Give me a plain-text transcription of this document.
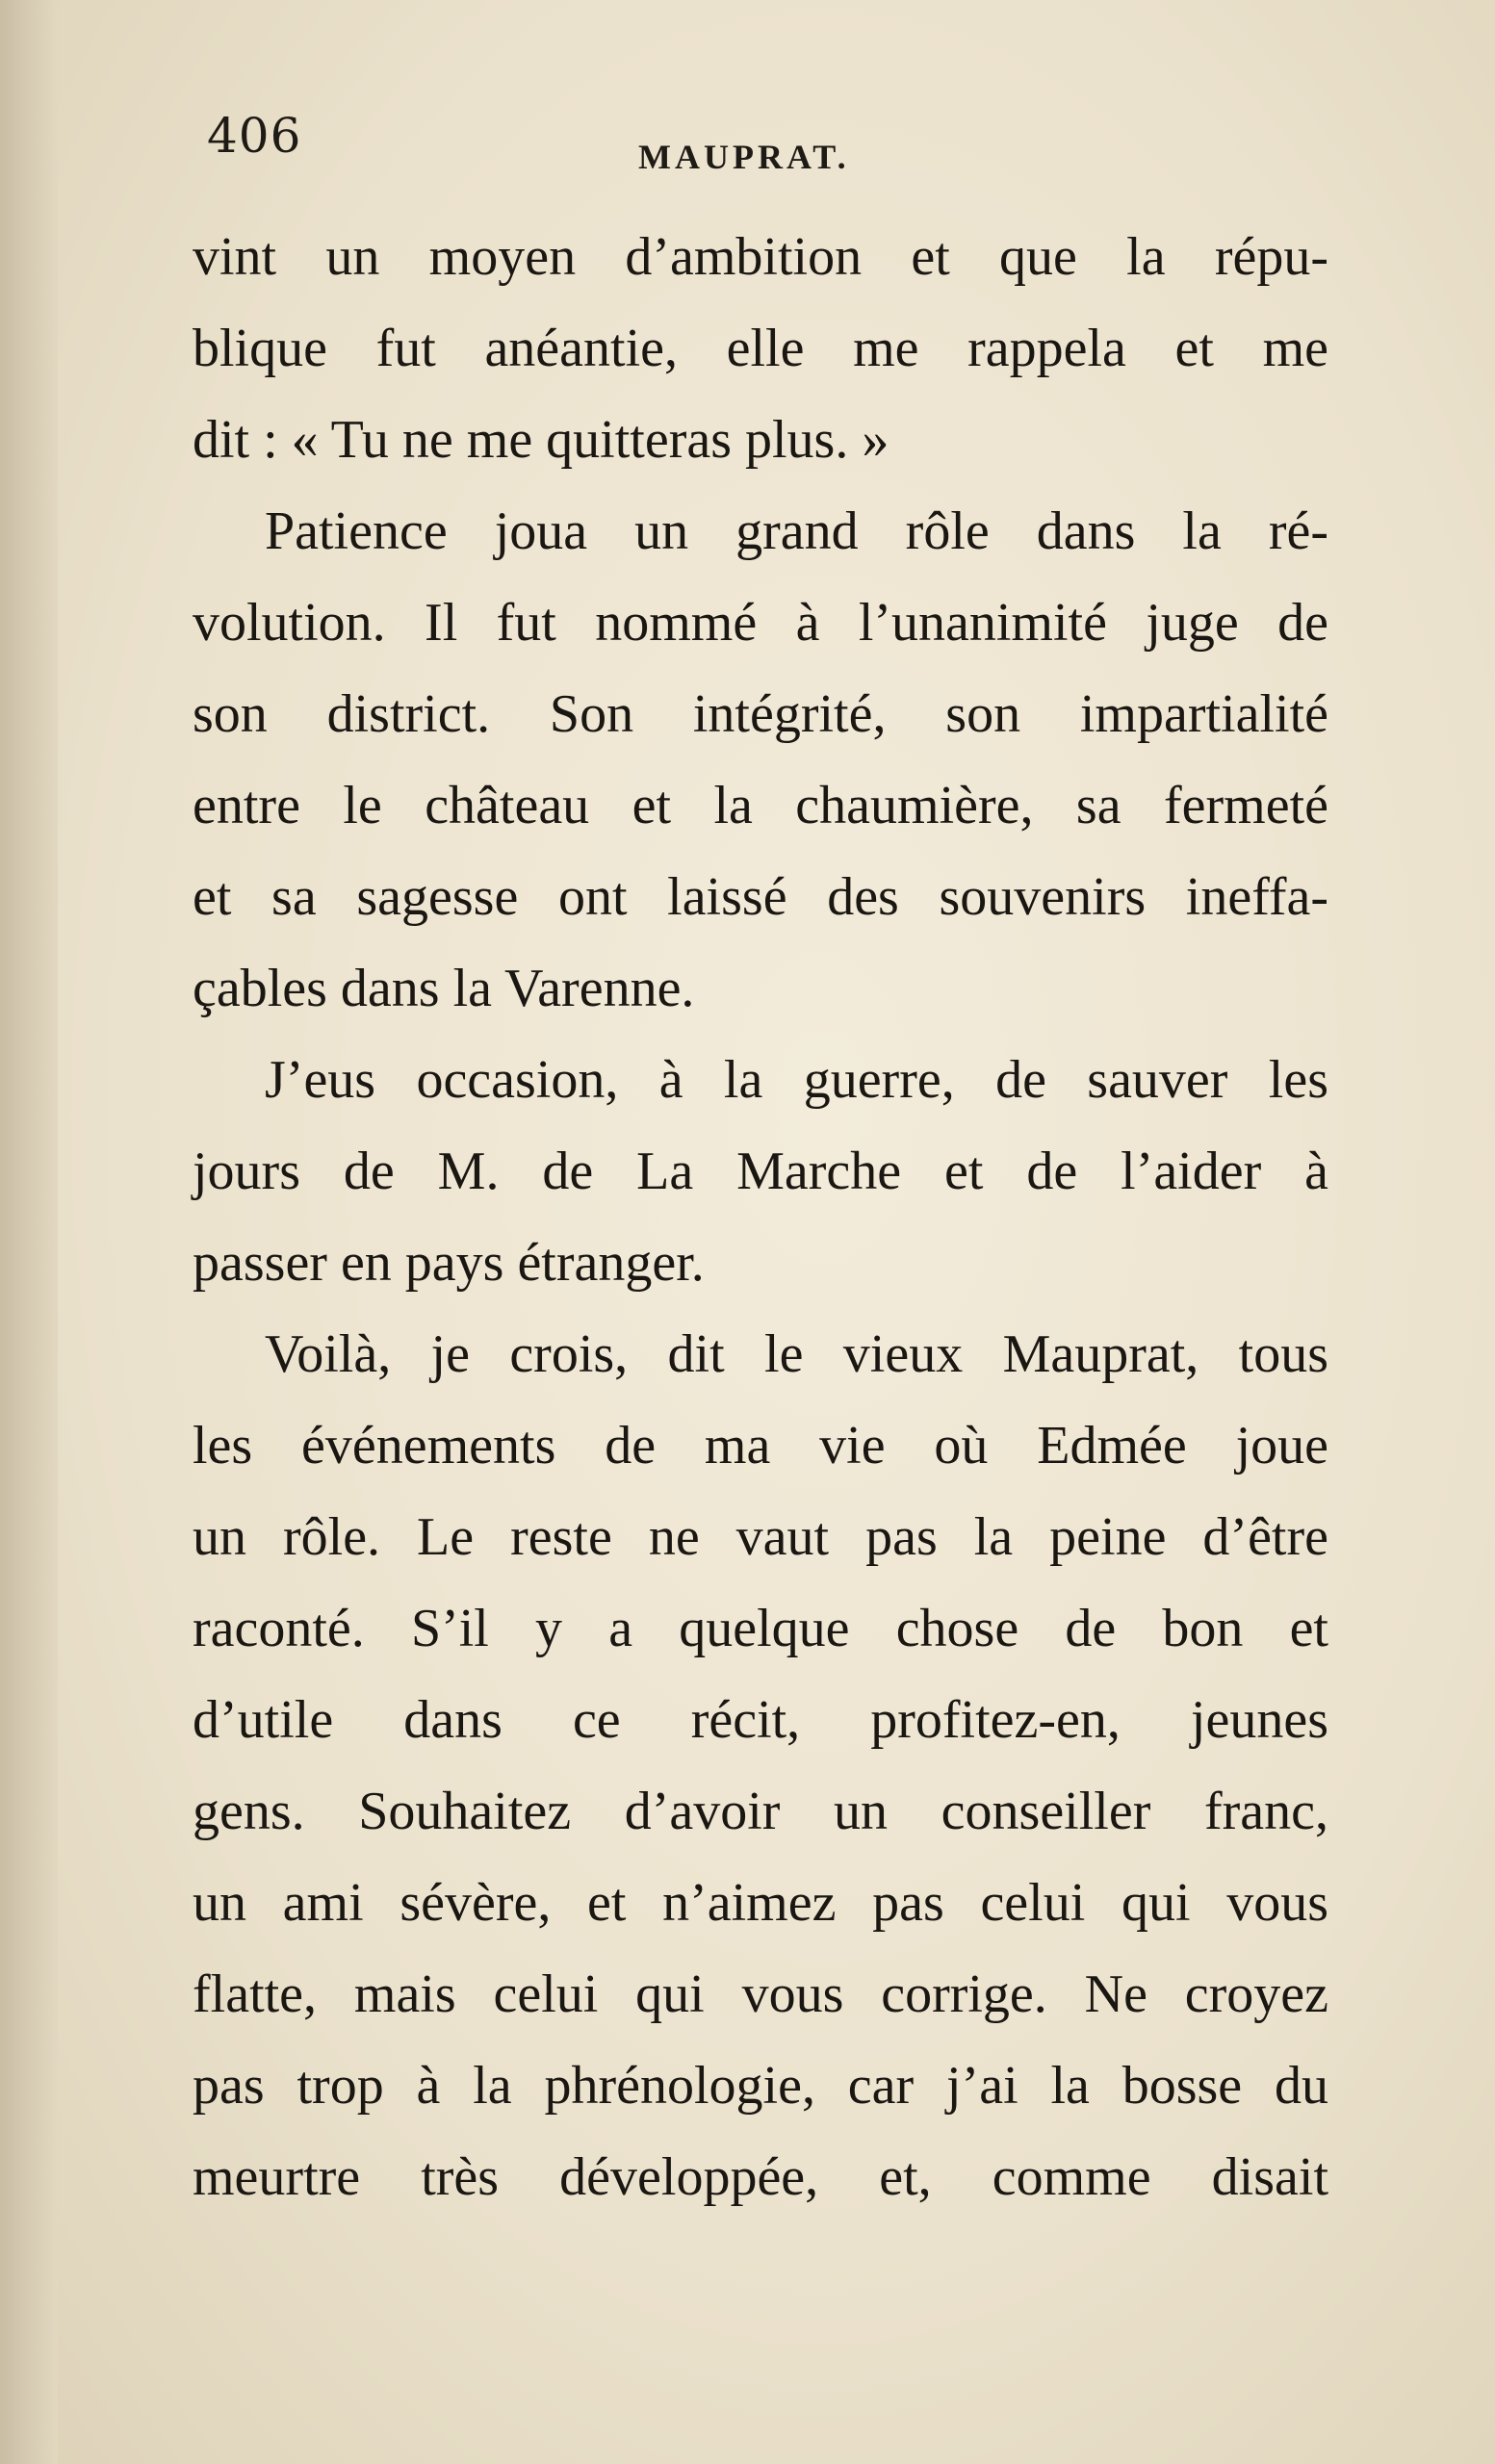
406	MAUPRAT.
vint un moyen d’ambition et que la répu-
blique fut anéantie, elle me rappela et me
dit : « Tu ne me quitteras plus. »
Patience joua un grand rôle dans la ré-
volution. Il fut nommé à l’unanimité juge de
son district. Son intégrité, son impartialité
entre le château et la chaumière, sa fermeté
et sa sagesse ont laissé des souvenirs ineffa-
çables dans la Varenne.
J’eus occasion, à la guerre, de sauver les
jours de M. de La Marche et de l’aider à
passer en pays étranger.
Voilà, je crois, dit le vieux Mauprat, tous
les événements de ma vie où Edmée joue
un rôle. Le reste ne vaut pas la peine d’être
raconté. S’il y a quelque chose de bon et
d’utile dans ce récit, profitez-en, jeunes
gens. Souhaitez d’avoir un conseiller franc,
un ami sévère, et n’aimez pas celui qui vous
flatte, mais celui qui vous corrige. Ne croyez
pas trop à la phrénologie, car j’ai la bosse du
meurtre très développée, et, comme disait
